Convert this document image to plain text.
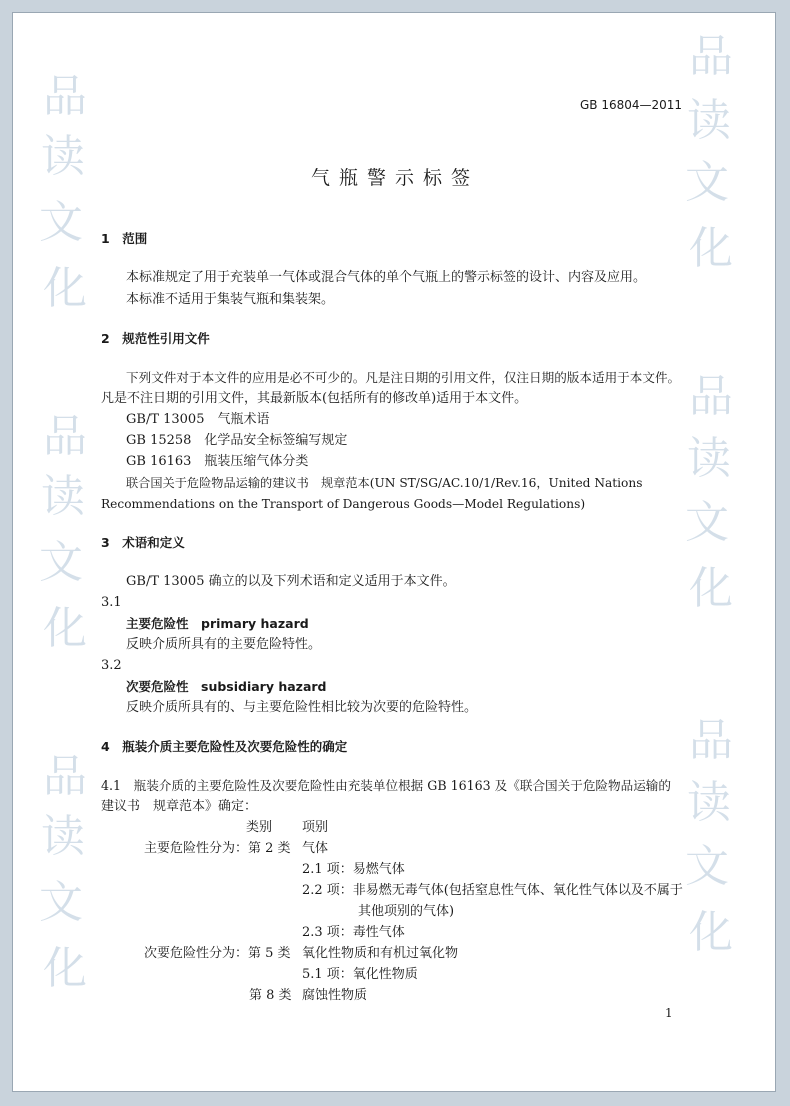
品
读
文
化
品
读
文
化
品
读
文
化
品
读
文
化
品
读
文
化
品
读
文
化
GB 16804—2011
气瓶警示标签
1　范围
本标准规定了用于充装单一气体或混合气体的单个气瓶上的警示标签的设计、内容及应用。
本标准不适用于集装气瓶和集装架。
2　规范性引用文件
下列文件对于本文件的应用是必不可少的。凡是注日期的引用文件，仅注日期的版本适用于本文件。
凡是不注日期的引用文件，其最新版本(包括所有的修改单)适用于本文件。
GB/T 13005　气瓶术语
GB 15258　化学品安全标签编写规定
GB 16163　瓶装压缩气体分类
联合国关于危险物品运输的建议书　规章范本(UN ST/SG/AC.10/1/Rev.16，United Nations
Recommendations on the Transport of Dangerous Goods—Model Regulations)
3　术语和定义
GB/T 13005 确立的以及下列术语和定义适用于本文件。
3.1
主要危险性　primary hazard
反映介质所具有的主要危险特性。
3.2
次要危险性　subsidiary hazard
反映介质所具有的、与主要危险性相比较为次要的危险特性。
4　瓶装介质主要危险性及次要危险性的确定
4.1　瓶装介质的主要危险性及次要危险性由充装单位根据 GB 16163 及《联合国关于危险物品运输的
建议书　规章范本》确定：
类别 项别
主要危险性分为：第 2 类 气体
2.1 项：易燃气体
2.2 项：非易燃无毒气体(包括窒息性气体、氧化性气体以及不属于
其他项别的气体)
2.3 项：毒性气体
次要危险性分为：第 5 类 氧化性物质和有机过氧化物
5.1 项：氧化性物质
第 8 类 腐蚀性物质
1
